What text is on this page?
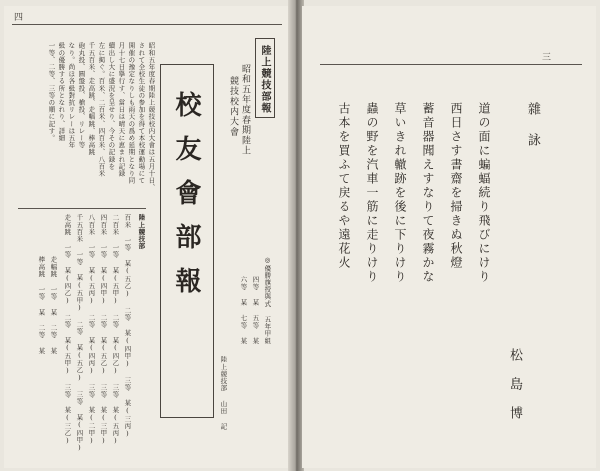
四
校友會部報
陸上競技部報
昭和五年度春期陸上
競技校内大會
されて全校生徒の参加を得て本校運動場にて
開催の豫定なりしも雨天の爲め延期となり同
月十七日擧行す、當日は晴天に恵まれ記録
續出し大に盛況を呈せり、今その記録を
左に掲ぐ。百米、二百米、四百米、八百米
千五百米、走高跳、走幅跳、棒高跳
砲丸投、圓盤投、槍投、リレー等
なり。尚ほ各級對抗リレーは五年
級の優勝する所となれり、詳細
一等、二等、三等の順に記す。	昭和五年度春期陸上競技校内大會は五月十日、
陸上競技部
百米 一等 某(五乙) 二等 某(四甲) 三等 某(三丙)
二百米 一等 某(五甲) 二等 某(四乙) 三等 某(五丙)
四百米 一等 某(四甲) 二等 某(五乙) 三等 某(三甲)
八百米 一等 某(五丙) 二等 某(四丙) 三等 某(二甲)
千五百米 一等 某(五甲) 二等 某(五乙) 三等 某(四甲)
走高跳 一等 某(四乙) 二等 某(五甲) 三等 某(三乙)
走幅跳 一等 某 二等 某
棒高跳 一等 某 二等 某	◎優勝旗授與式 五年甲組
四等 某 五等 某
六等 某 七等 某
陸上競技部 山田 記
三
雜詠
道の面に蝙蝠続り飛びにけり
西日さす書齋を掃きぬ秋燈
蓄音器聞えすなりて夜霧かな
草いきれ轍跡を後に下りけり
蟲の野を汽車一筋に走りけり
古本を買ふて戻るや遠花火
松島博
